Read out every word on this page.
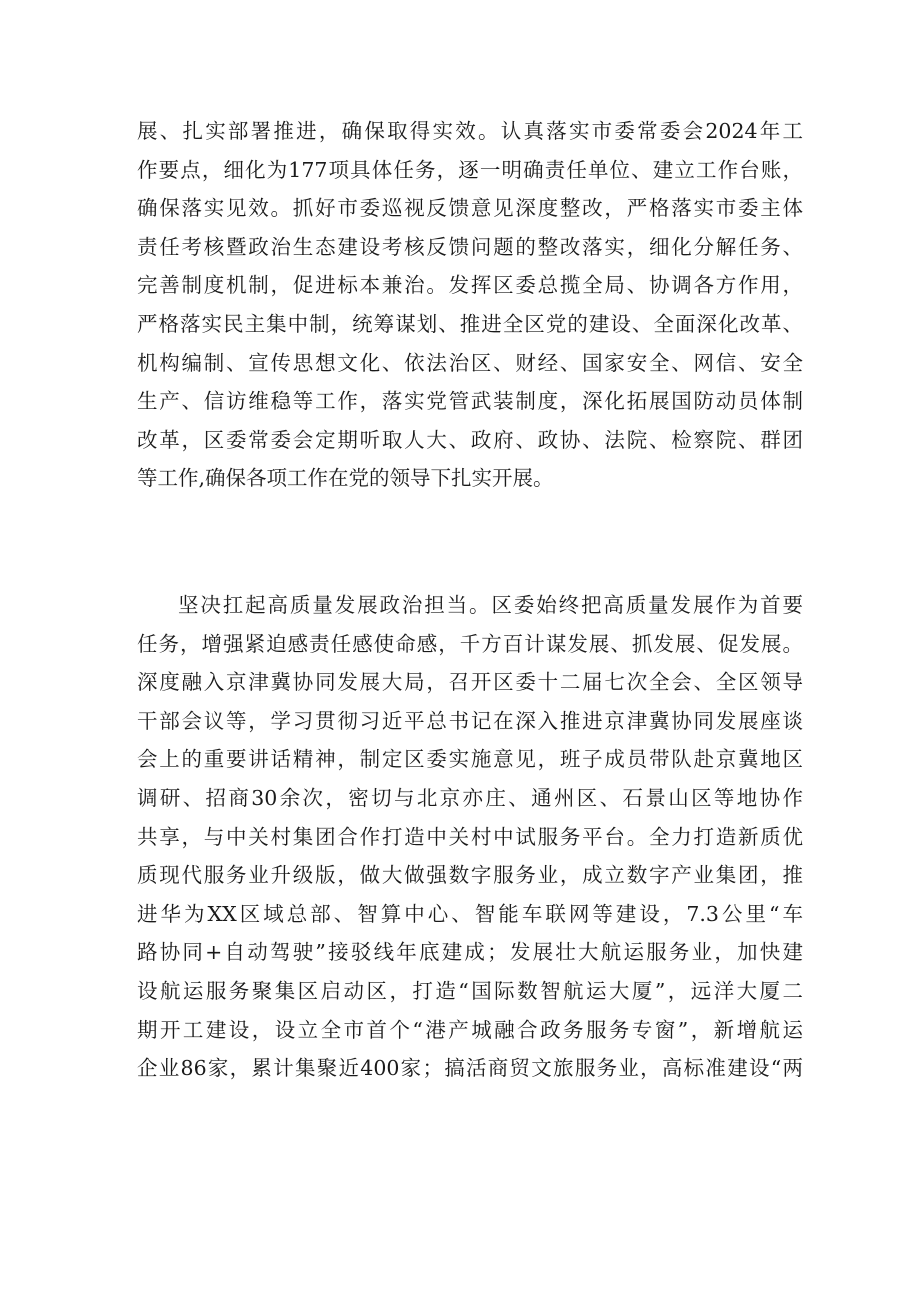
展、扎实部署推进，确保取得实效。认真落实市委常委会2024年工
作要点，细化为177项具体任务，逐一明确责任单位、建立工作台账，
确保落实见效。抓好市委巡视反馈意见深度整改，严格落实市委主体
责任考核暨政治生态建设考核反馈问题的整改落实，细化分解任务、
完善制度机制，促进标本兼治。发挥区委总揽全局、协调各方作用，
严格落实民主集中制，统筹谋划、推进全区党的建设、全面深化改革、
机构编制、宣传思想文化、依法治区、财经、国家安全、网信、安全
生产、信访维稳等工作，落实党管武装制度，深化拓展国防动员体制
改革，区委常委会定期听取人大、政府、政协、法院、检察院、群团
等工作,确保各项工作在党的领导下扎实开展。
坚决扛起高质量发展政治担当。区委始终把高质量发展作为首要
任务，增强紧迫感责任感使命感，千方百计谋发展、抓发展、促发展。
深度融入京津冀协同发展大局，召开区委十二届七次全会、全区领导
干部会议等，学习贯彻习近平总书记在深入推进京津冀协同发展座谈
会上的重要讲话精神，制定区委实施意见，班子成员带队赴京冀地区
调研、招商30余次，密切与北京亦庄、通州区、石景山区等地协作
共享，与中关村集团合作打造中关村中试服务平台。全力打造新质优
质现代服务业升级版，做大做强数字服务业，成立数字产业集团，推
进华为XX区域总部、智算中心、智能车联网等建设，7.3公里“车
路协同+自动驾驶”接驳线年底建成；发展壮大航运服务业，加快建
设航运服务聚集区启动区，打造“国际数智航运大厦”，远洋大厦二
期开工建设，设立全市首个“港产城融合政务服务专窗”，新增航运
企业86家，累计集聚近400家；搞活商贸文旅服务业，高标准建设“两
